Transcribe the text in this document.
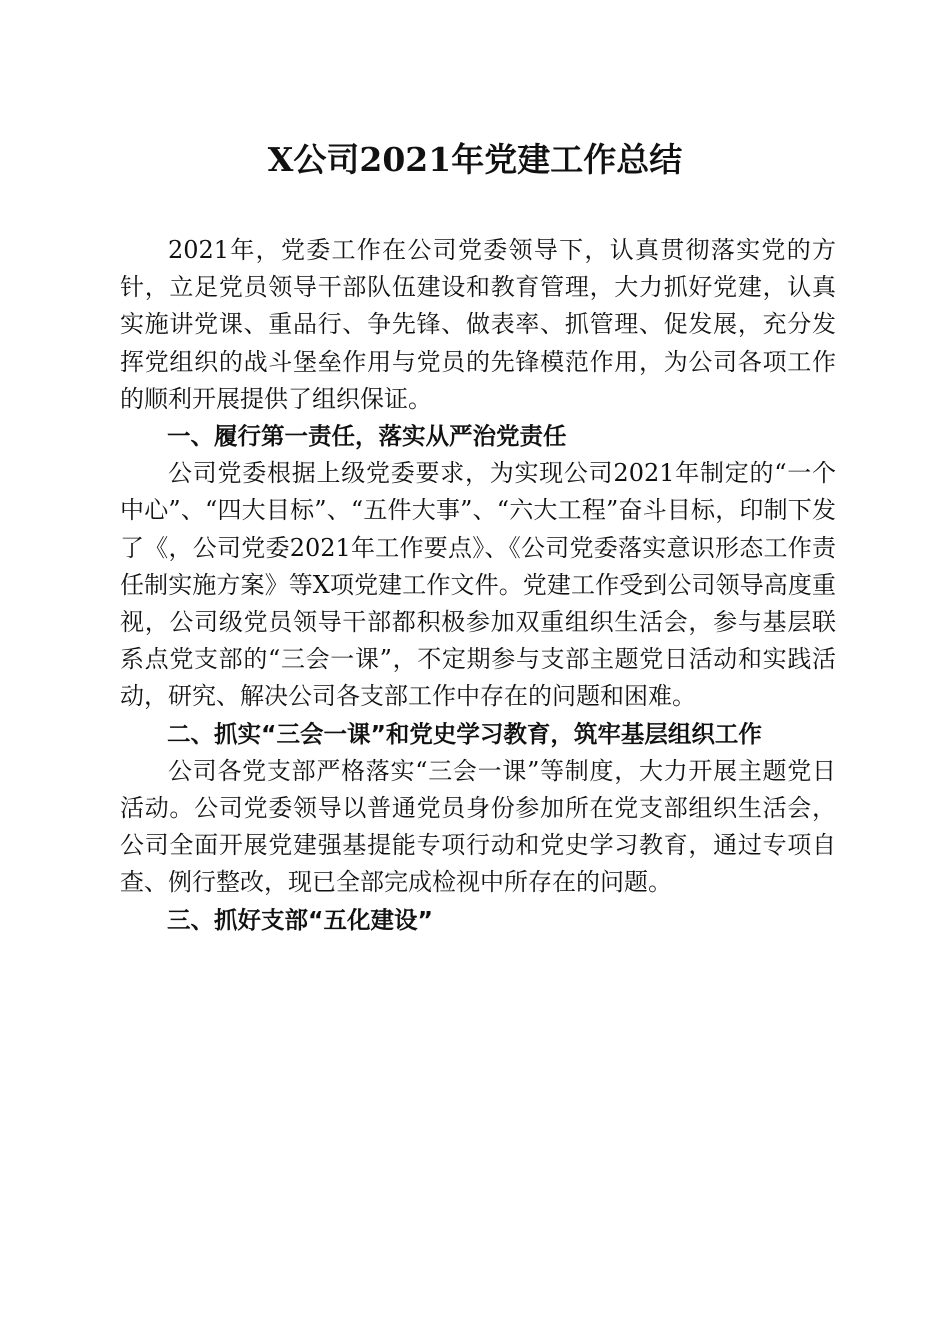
X公司2021年党建工作总结

2021年，党委工作在公司党委领导下，认真贯彻落实党的方针，立足党员领导干部队伍建设和教育管理，大力抓好党建，认真实施讲党课、重品行、争先锋、做表率、抓管理、促发展，充分发挥党组织的战斗堡垒作用与党员的先锋模范作用，为公司各项工作的顺利开展提供了组织保证。

一、履行第一责任，落实从严治党责任

公司党委根据上级党委要求，为实现公司2021年制定的“一个中心”、“四大目标”、“五件大事”、“六大工程”奋斗目标，印制下发了《，公司党委2021年工作要点》、《公司党委落实意识形态工作责任制实施方案》等X项党建工作文件。党建工作受到公司领导高度重视，公司级党员领导干部都积极参加双重组织生活会，参与基层联系点党支部的“三会一课”，不定期参与支部主题党日活动和实践活动，研究、解决公司各支部工作中存在的问题和困难。

二、抓实“三会一课”和党史学习教育，筑牢基层组织工作

公司各党支部严格落实“三会一课”等制度，大力开展主题党日活动。公司党委领导以普通党员身份参加所在党支部组织生活会，公司全面开展党建强基提能专项行动和党史学习教育，通过专项自查、例行整改，现已全部完成检视中所存在的问题。

三、抓好支部“五化建设”
